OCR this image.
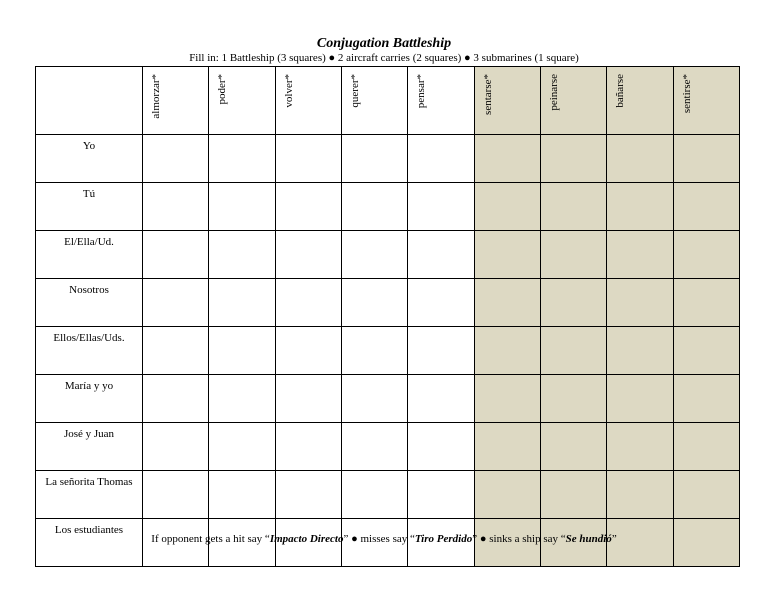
Conjugation Battleship
Fill in: 1 Battleship (3 squares) ● 2 aircraft carries (2 squares) ● 3 submarines (1 square)

	almorzar*	poder*	volver*	querer*	pensar*	sentarse*	peinarse	bañarse	sentirse*

Yo									
Tú									
El/Ella/Ud.									
Nosotros									
Ellos/Ellas/Uds.									
María y yo									
José y Juan									
La señorita Thomas									
Los estudiantes									
If opponent gets a hit say “Impacto Directo” ● misses say “Tiro Perdido” ● sinks a ship say “Se hundió”
